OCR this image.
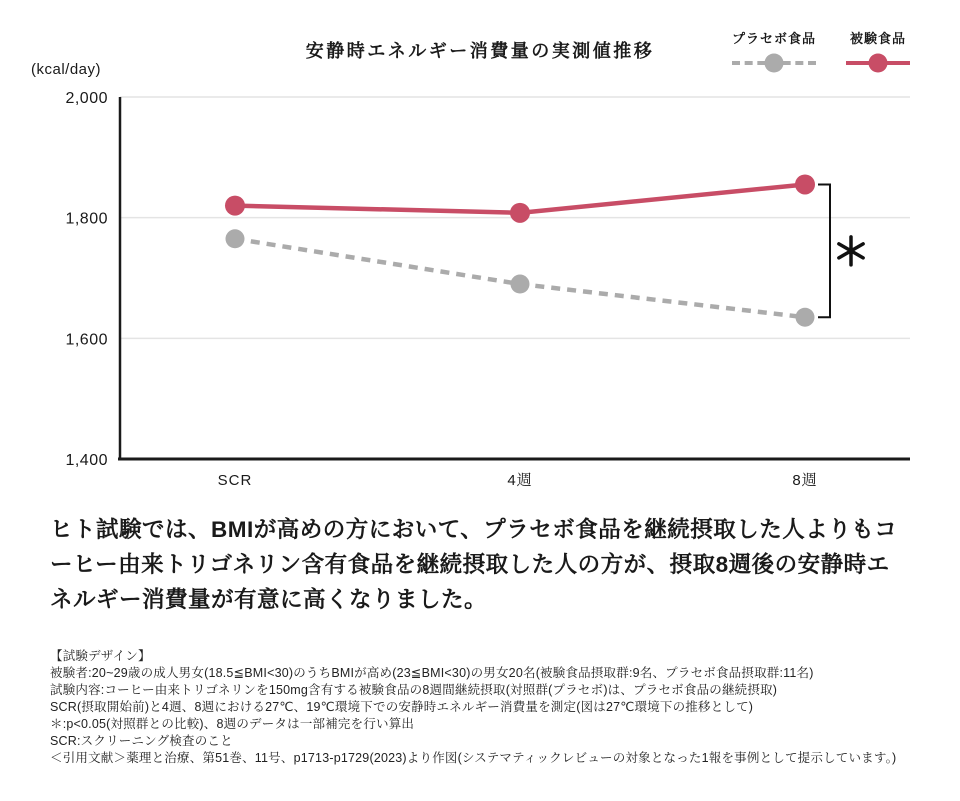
安静時エネルギー消費量の実測値推移
(kcal/day)
プラセボ食品	被験食品
2,000
1,800
1,600
1,400
SCR	4週	8週

ヒト試験では、BMIが高めの方において、プラセボ食品を継続摂取した人よりもコーヒー由来トリゴネリン含有食品を継続摂取した人の方が、摂取8週後の安静時エネルギー消費量が有意に高くなりました。

【試験デザイン】
被験者:20~29歳の成人男女(18.5≦BMI<30)のうちBMIが高め(23≦BMI<30)の男女20名(被験食品摂取群:9名、プラセボ食品摂取群:11名)
試験内容:コーヒー由来トリゴネリンを150mg含有する被験食品の8週間継続摂取(対照群(プラセボ)は、プラセボ食品の継続摂取)
SCR(摂取開始前)と4週、8週における27℃、19℃環境下での安静時エネルギー消費量を測定(図は27℃環境下の推移として)
＊:p<0.05(対照群との比較)、8週のデータは一部補完を行い算出
SCR:スクリーニング検査のこと
＜引用文献＞薬理と治療、第51巻、11号、p1713-p1729(2023)より作図(システマティックレビューの対象となった1報を事例として提示しています。)
